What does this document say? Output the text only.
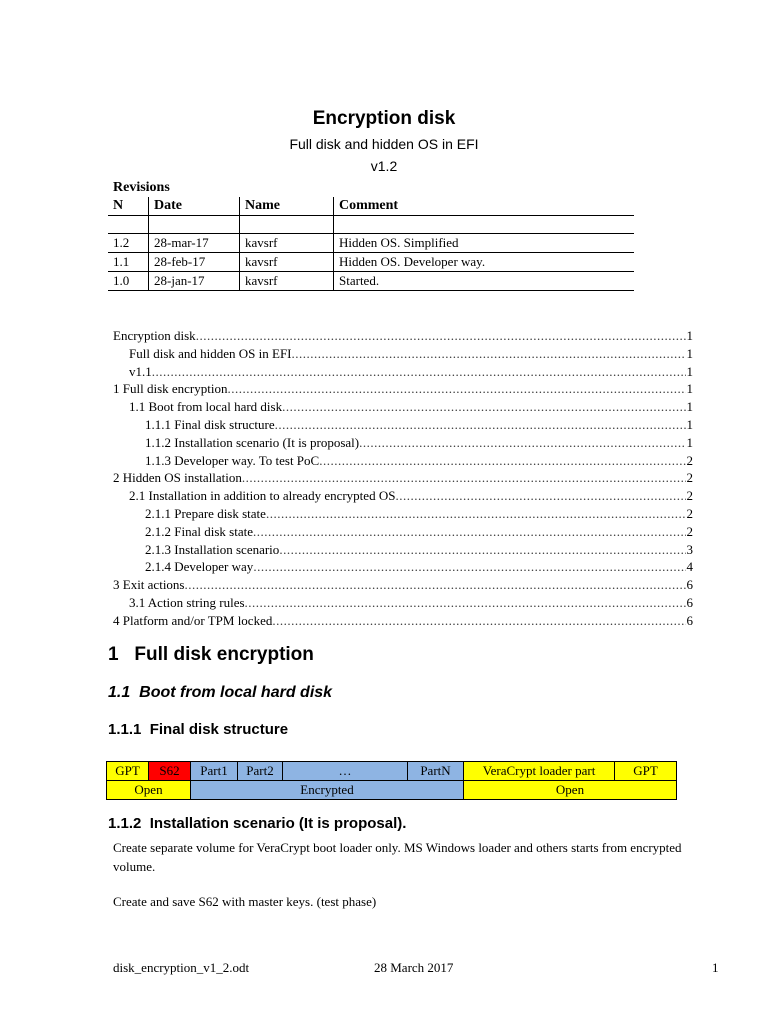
Encryption disk
Full disk and hidden OS in EFI
v1.2
Revisions
N	Date	Name	Comment

1.2	28-mar-17	kavsrf	Hidden OS. Simplified
1.1	28-feb-17	kavsrf	Hidden OS. Developer way.
1.0	28-jan-17	kavsrf	Started.
Encryption disk .....	1
Full disk and hidden OS in EFI .....	1
v1.1 .....	1
1 Full disk encryption .....	1
1.1 Boot from local hard disk .....	1
1.1.1 Final disk structure .....	1
1.1.2 Installation scenario (It is proposal) .....	1
1.1.3 Developer way. To test PoC .....	2
2 Hidden OS installation .....	2
2.1 Installation in addition to already encrypted OS .....	2
2.1.1 Prepare disk state .....	2
2.1.2 Final disk state .....	2
2.1.3 Installation scenario .....	3
2.1.4 Developer way .....	4
3 Exit actions .....	6
3.1 Action string rules .....	6
4 Platform and/or TPM locked .....	6
1 Full disk encryption
1.1 Boot from local hard disk
1.1.1 Final disk structure
GPT	S62	Part1	Part2	…	PartN	VeraCrypt loader part	GPT
Open	Encrypted	Open
1.1.2 Installation scenario (It is proposal).
Create separate volume for VeraCrypt boot loader only. MS Windows loader and others starts from encrypted volume.
Create and save S62 with master keys. (test phase)
disk_encryption_v1_2.odt	28 March 2017	1
